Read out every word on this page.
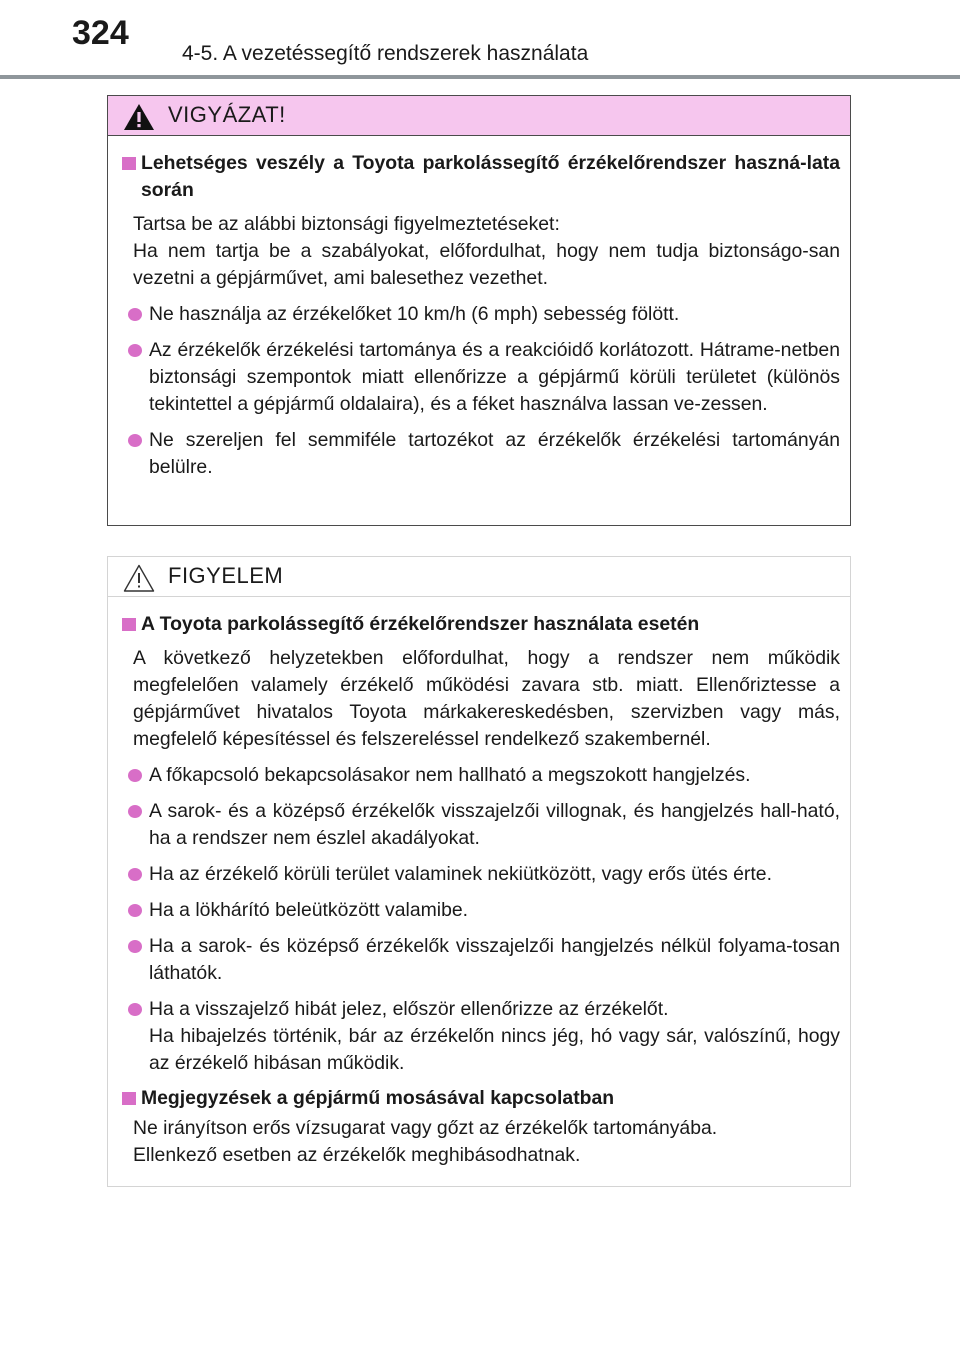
324
4-5. A vezetéssegítő rendszerek használata
VIGYÁZAT!
Lehetséges veszély a Toyota parkolássegítő érzékelőrendszer haszná-lata során
Tartsa be az alábbi biztonsági figyelmeztetéseket:
Ha nem tartja be a szabályokat, előfordulhat, hogy nem tudja biztonságo-san vezetni a gépjárművet, ami balesethez vezethet.
Ne használja az érzékelőket 10 km/h (6 mph) sebesség fölött.
Az érzékelők érzékelési tartománya és a reakcióidő korlátozott. Hátrame-netben biztonsági szempontok miatt ellenőrizze a gépjármű körüli területet (különös tekintettel a gépjármű oldalaira), és a féket használva lassan ve-zessen.
Ne szereljen fel semmiféle tartozékot az érzékelők érzékelési tartományán belülre.
FIGYELEM
A Toyota parkolássegítő érzékelőrendszer használata esetén
A következő helyzetekben előfordulhat, hogy a rendszer nem működik megfelelően valamely érzékelő működési zavara stb. miatt. Ellenőriztesse a gépjárművet hivatalos Toyota márkakereskedésben, szervizben vagy más, megfelelő képesítéssel és felszereléssel rendelkező szakembernél.
A főkapcsoló bekapcsolásakor nem hallható a megszokott hangjelzés.
A sarok- és a középső érzékelők visszajelzői villognak, és hangjelzés hall-ható, ha a rendszer nem észlel akadályokat.
Ha az érzékelő körüli terület valaminek nekiütközött, vagy erős ütés érte.
Ha a lökhárító beleütközött valamibe.
Ha a sarok- és középső érzékelők visszajelzői hangjelzés nélkül folyama-tosan láthatók.
Ha a visszajelző hibát jelez, először ellenőrizze az érzékelőt.
Ha hibajelzés történik, bár az érzékelőn nincs jég, hó vagy sár, valószínű, hogy az érzékelő hibásan működik.
Megjegyzések a gépjármű mosásával kapcsolatban
Ne irányítson erős vízsugarat vagy gőzt az érzékelők tartományába.
Ellenkező esetben az érzékelők meghibásodhatnak.
